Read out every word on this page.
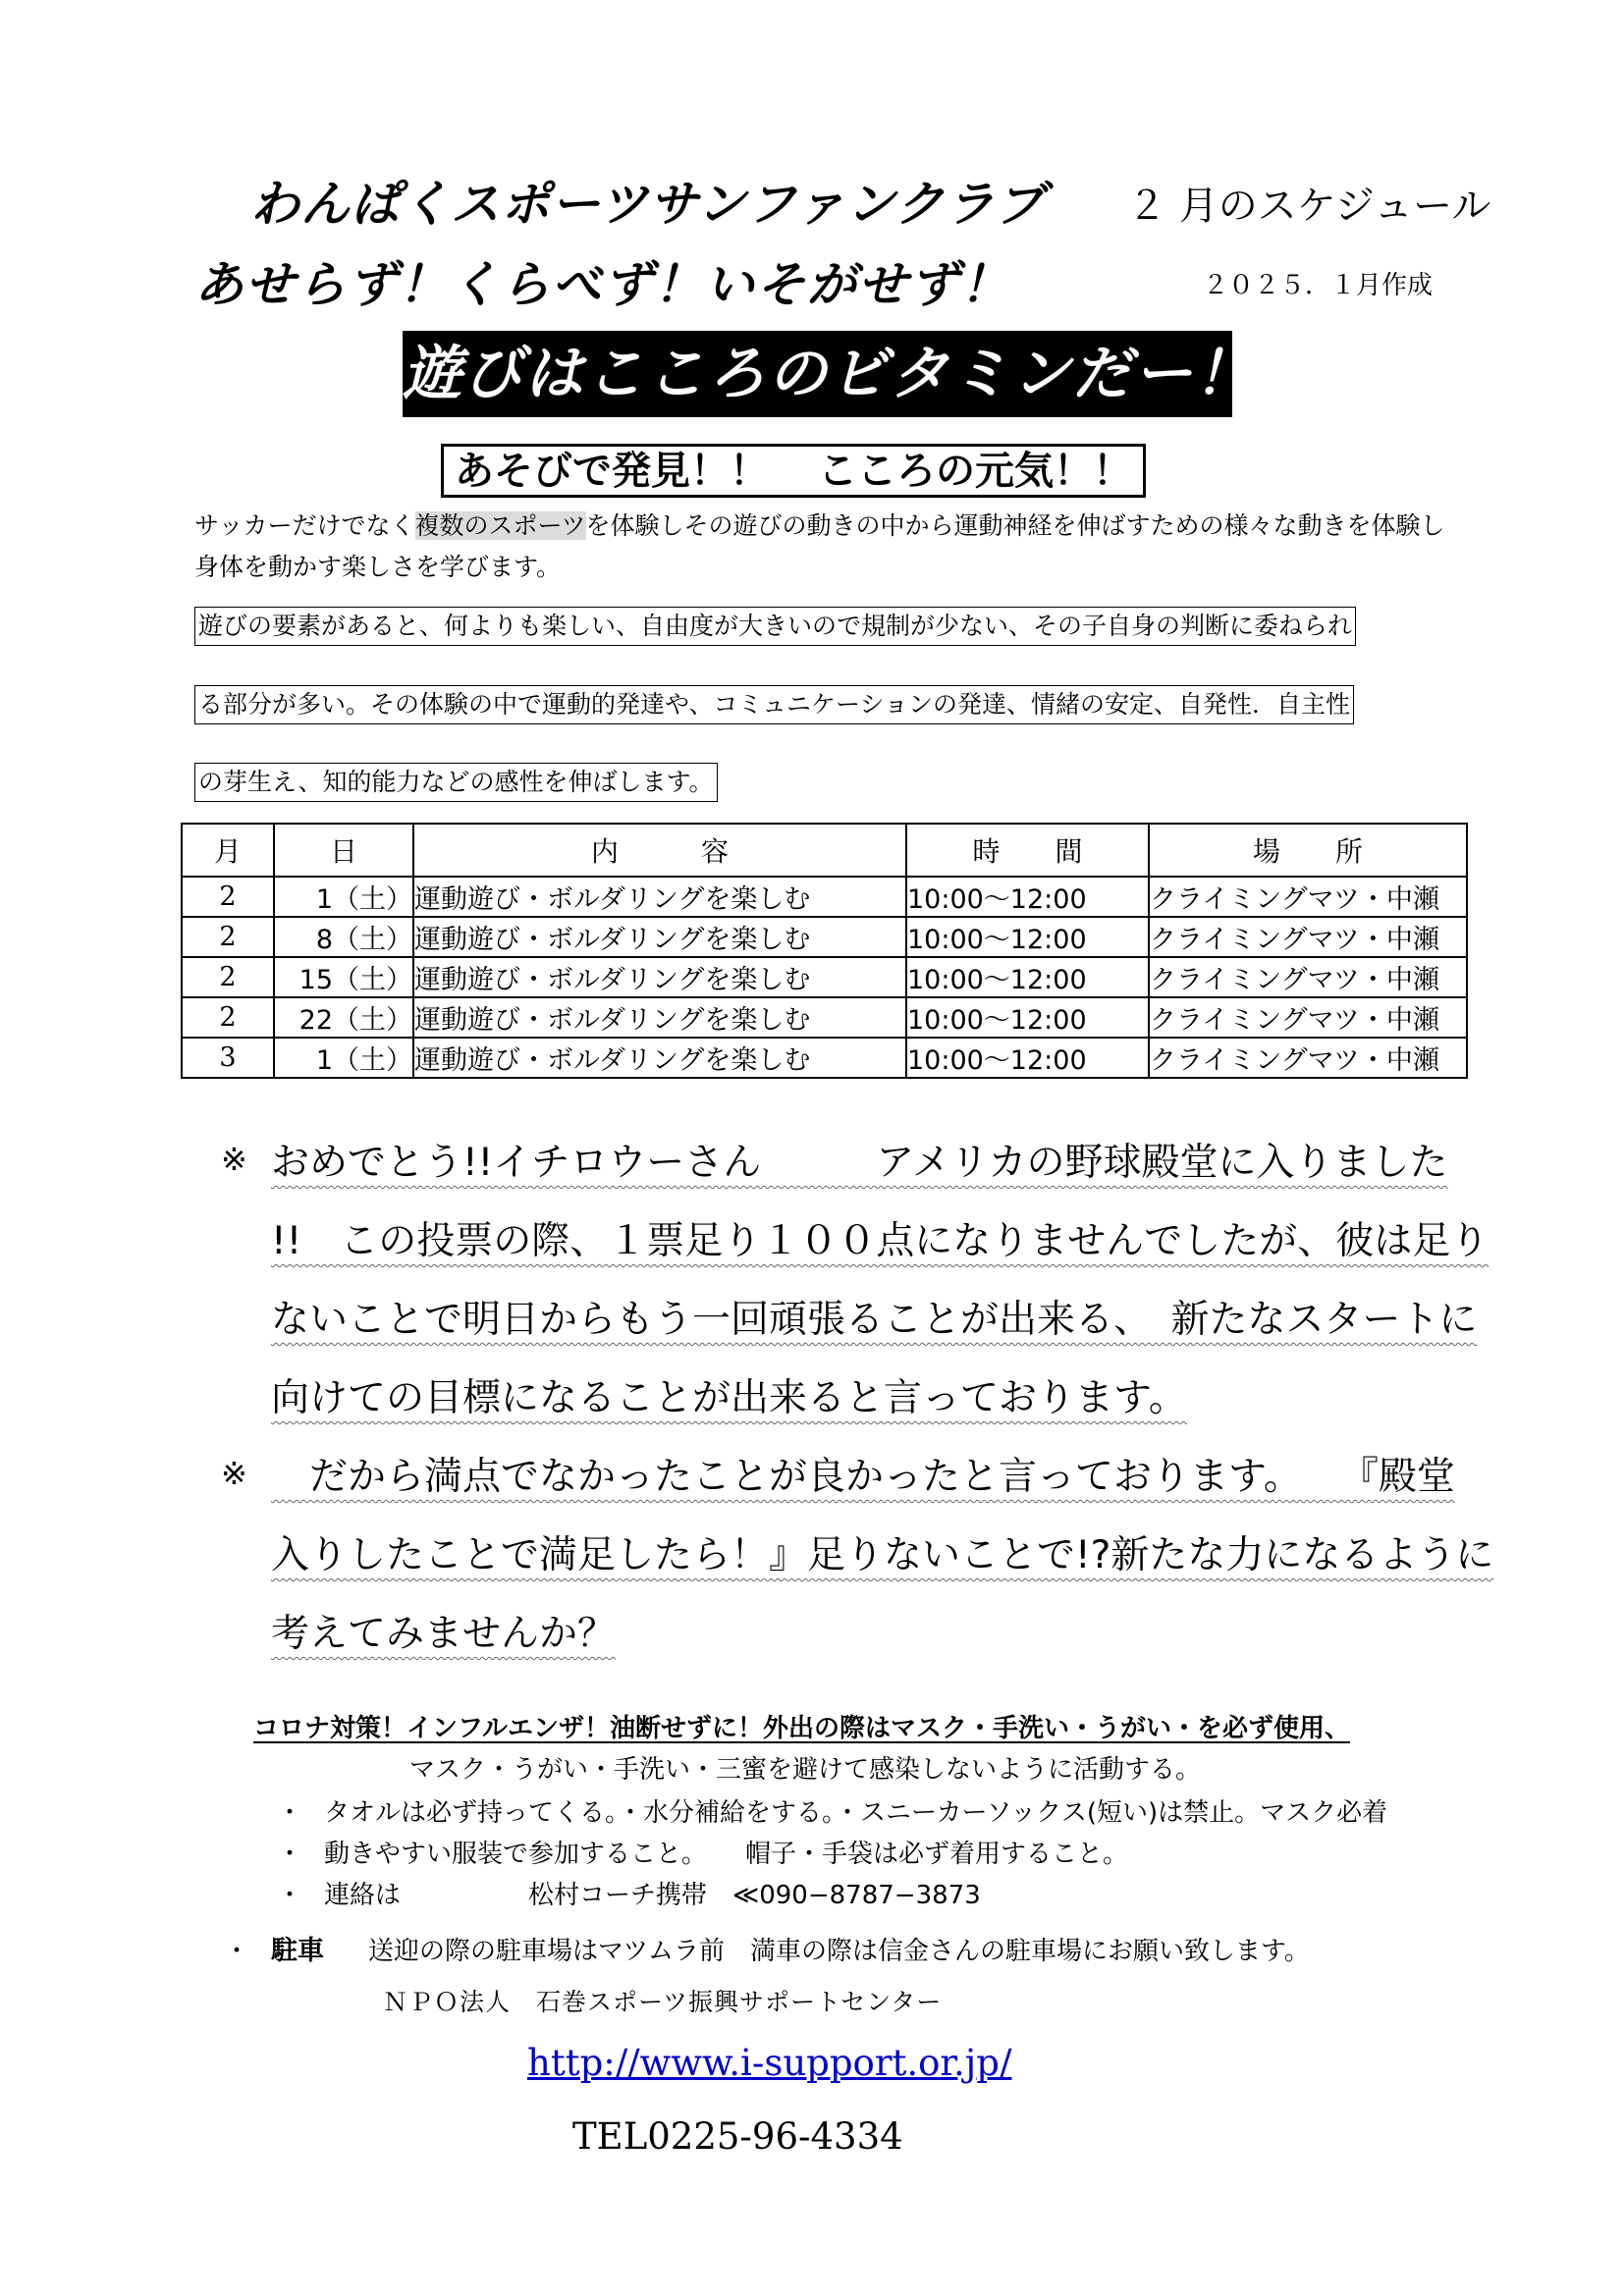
わんぱくスポーツサンファンクラブ ２ 月のスケジュール
あせらず！くらべず！いそがせず！	２０２５．１月作成
遊びはこころのビタミンだー！
あそびで発見！！ こころの元気！！
サッカーだけでなく複数のスポーツを体験しその遊びの動きの中から運動神経を伸ばすための様々な動きを体験し身体を動かす楽しさを学びます。
遊びの要素があると、何よりも楽しい、自由度が大きいので規制が少ない、その子自身の判断に委ねられ
る部分が多い。その体験の中で運動的発達や、コミュニケーションの発達、情緒の安定、自発性．自主性
の芽生え、知的能力などの感性を伸ばします。
月	日	内　　　容	時　　間	場　　所
2	1（土）	運動遊び・ボルダリングを楽しむ	10:00～12:00	クライミングマツ・中瀬
2	8（土）	運動遊び・ボルダリングを楽しむ	10:00～12:00	クライミングマツ・中瀬
2	15（土）	運動遊び・ボルダリングを楽しむ	10:00～12:00	クライミングマツ・中瀬
2	22（土）	運動遊び・ボルダリングを楽しむ	10:00～12:00	クライミングマツ・中瀬
3	1（土）	運動遊び・ボルダリングを楽しむ	10:00～12:00	クライミングマツ・中瀬
※ おめでとう!!イチロウーさん　　　アメリカの野球殿堂に入りました
!!　この投票の際、１票足り１００点になりませんでしたが、彼は足り
ないことで明日からもう一回頑張ることが出来る、　新たなスタートに
向けての目標になることが出来ると言っております。
※ 　だから満点でなかったことが良かったと言っております。　　『殿堂
入りしたことで満足したら！』足りないことで!?新たな力になるように
考えてみませんか？
コロナ対策！インフルエンザ！油断せずに！外出の際はマスク・手洗い・うがい・を必ず使用、
マスク・うがい・手洗い・三蜜を避けて感染しないように活動する。
・ タオルは必ず持ってくる。・水分補給をする。・スニーカーソックス(短い)は禁止。マスク必着
・ 動きやすい服装で参加すること。　　帽子・手袋は必ず着用すること。
・ 連絡は　　　　　松村コーチ携帯　≪090−8787−3873
・ 駐車 送迎の際の駐車場はマツムラ前　満車の際は信金さんの駐車場にお願い致します。
ＮＰＯ法人　石巻スポーツ振興サポートセンター
http://www.i-support.or.jp/
TEL0225-96-4334
